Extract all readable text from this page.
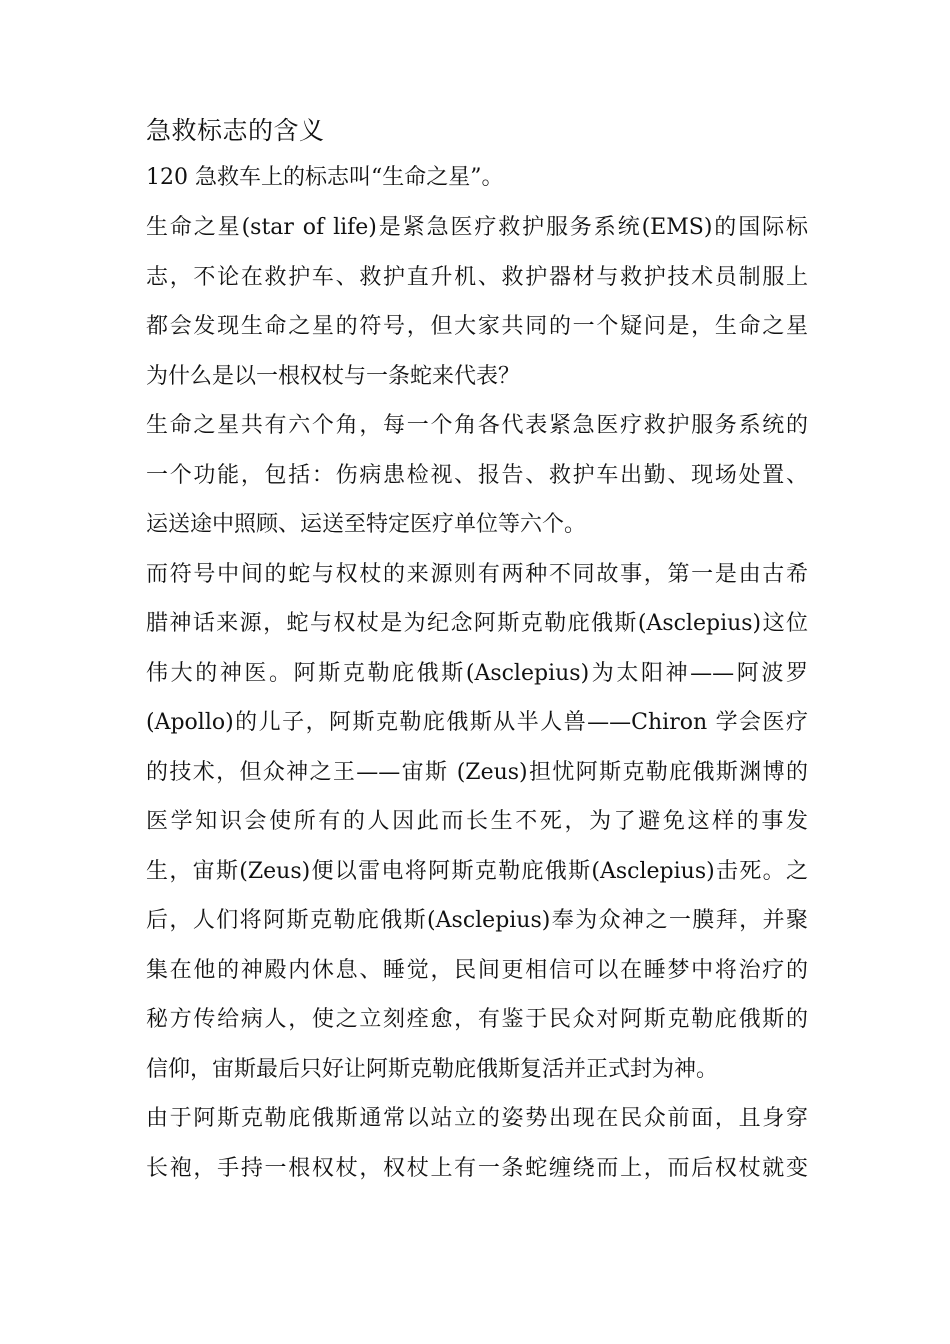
急救标志的含义
120 急救车上的标志叫“生命之星”。
生命之星(star of life)是紧急医疗救护服务系统(EMS)的国际标
志，不论在救护车、救护直升机、救护器材与救护技术员制服上
都会发现生命之星的符号，但大家共同的一个疑问是，生命之星
为什么是以一根权杖与一条蛇来代表？
生命之星共有六个角，每一个角各代表紧急医疗救护服务系统的
一个功能，包括：伤病患检视、报告、救护车出勤、现场处置、
运送途中照顾、运送至特定医疗单位等六个。
而符号中间的蛇与权杖的来源则有两种不同故事，第一是由古希
腊神话来源，蛇与权杖是为纪念阿斯克勒庇俄斯(Asclepius)这位
伟大的神医。阿斯克勒庇俄斯(Asclepius)为太阳神——阿波罗
(Apollo)的儿子，阿斯克勒庇俄斯从半人兽——Chiron 学会医疗
的技术，但众神之王——宙斯 (Zeus)担忧阿斯克勒庇俄斯渊博的
医学知识会使所有的人因此而长生不死，为了避免这样的事发
生，宙斯(Zeus)便以雷电将阿斯克勒庇俄斯(Asclepius)击死。之
后，人们将阿斯克勒庇俄斯(Asclepius)奉为众神之一膜拜，并聚
集在他的神殿内休息、睡觉，民间更相信可以在睡梦中将治疗的
秘方传给病人，使之立刻痊愈，有鉴于民众对阿斯克勒庇俄斯的
信仰，宙斯最后只好让阿斯克勒庇俄斯复活并正式封为神。
由于阿斯克勒庇俄斯通常以站立的姿势出现在民众前面，且身穿
长袍，手持一根权杖，权杖上有一条蛇缠绕而上，而后权杖就变
